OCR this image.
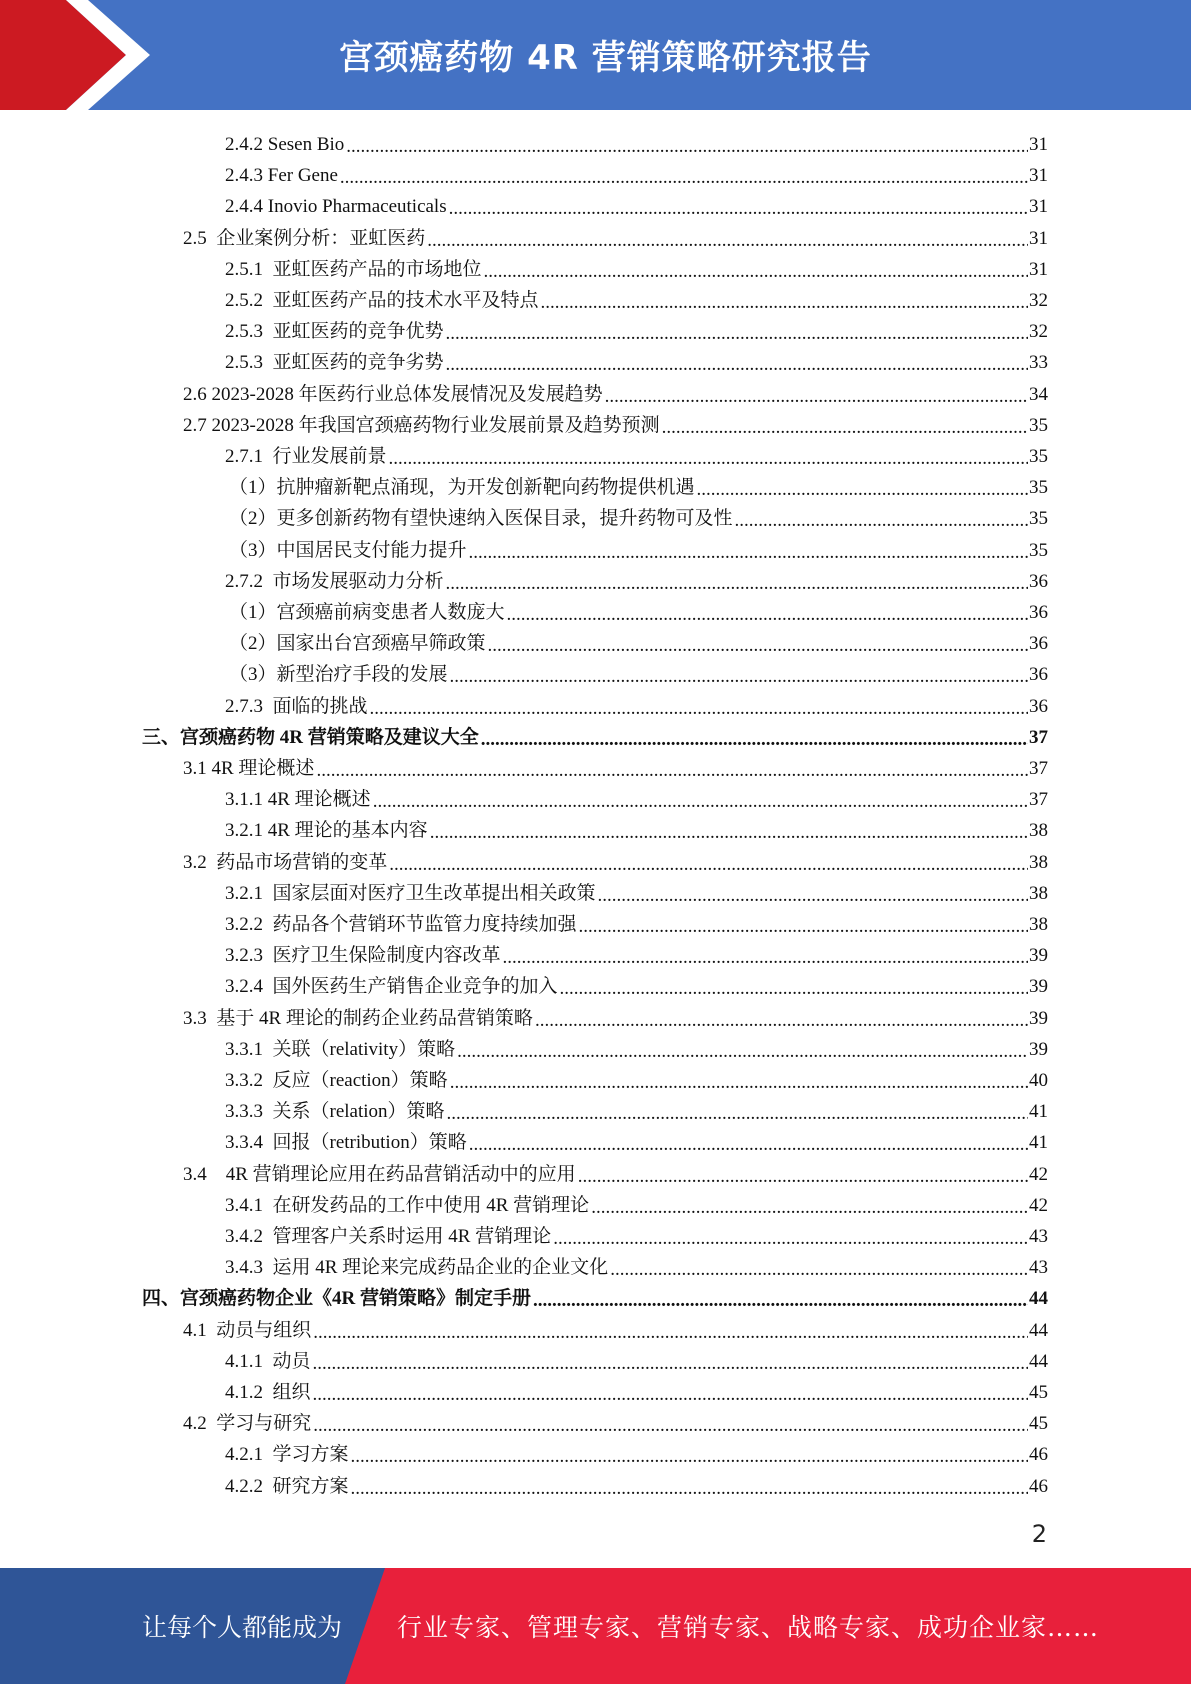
宫颈癌药物 4R 营销策略研究报告
2.4.2 Sesen Bio .....	31
2.4.3 Fer Gene .....	31
2.4.4 Inovio Pharmaceuticals .....	31
2.5  企业案例分析：亚虹医药 .....	31
2.5.1  亚虹医药产品的市场地位 .....	31
2.5.2  亚虹医药产品的技术水平及特点 .....	32
2.5.3  亚虹医药的竞争优势 .....	32
2.5.3  亚虹医药的竞争劣势 .....	33
2.6 2023-2028 年医药行业总体发展情况及发展趋势 .....	34
2.7 2023-2028 年我国宫颈癌药物行业发展前景及趋势预测 .....	35
2.7.1  行业发展前景 .....	35
（1）抗肿瘤新靶点涌现，为开发创新靶向药物提供机遇 .....	35
（2）更多创新药物有望快速纳入医保目录，提升药物可及性 .....	35
（3）中国居民支付能力提升 .....	35
2.7.2  市场发展驱动力分析 .....	36
（1）宫颈癌前病变患者人数庞大 .....	36
（2）国家出台宫颈癌早筛政策 .....	36
（3）新型治疗手段的发展 .....	36
2.7.3  面临的挑战 .....	36
三、宫颈癌药物 4R 营销策略及建议大全 .....	37
3.1 4R 理论概述 .....	37
3.1.1 4R 理论概述 .....	37
3.2.1 4R 理论的基本内容 .....	38
3.2  药品市场营销的变革 .....	38
3.2.1  国家层面对医疗卫生改革提出相关政策 .....	38
3.2.2  药品各个营销环节监管力度持续加强 .....	38
3.2.3  医疗卫生保险制度内容改革 .....	39
3.2.4  国外医药生产销售企业竞争的加入 .....	39
3.3  基于 4R 理论的制药企业药品营销策略 .....	39
3.3.1  关联（relativity）策略 .....	39
3.3.2  反应（reaction）策略 .....	40
3.3.3  关系（relation）策略 .....	41
3.3.4  回报（retribution）策略 .....	41
3.4    4R 营销理论应用在药品营销活动中的应用 .....	42
3.4.1  在研发药品的工作中使用 4R 营销理论 .....	42
3.4.2  管理客户关系时运用 4R 营销理论 .....	43
3.4.3  运用 4R 理论来完成药品企业的企业文化 .....	43
四、宫颈癌药物企业《4R 营销策略》制定手册 .....	44
4.1  动员与组织 .....	44
4.1.1  动员 .....	44
4.1.2  组织 .....	45
4.2  学习与研究 .....	45
4.2.1  学习方案 .....	46
4.2.2  研究方案 .....	46
2
让每个人都能成为 行业专家、管理专家、营销专家、战略专家、成功企业家……
